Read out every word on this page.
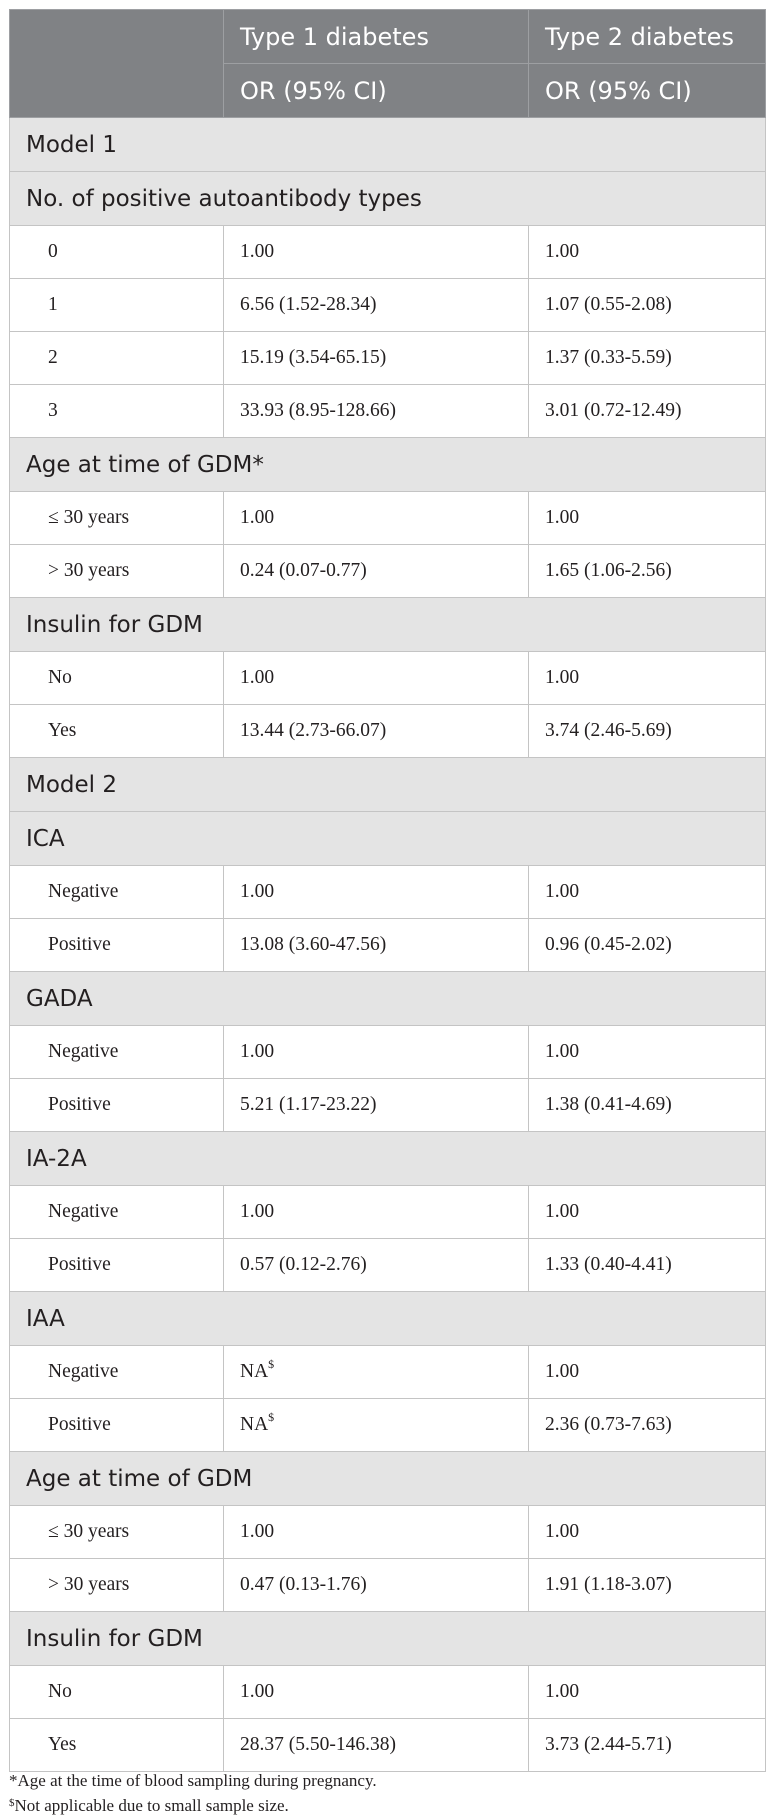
	Type 1 diabetes	Type 2 diabetes
	OR (95% CI)	OR (95% CI)
Model 1		
No. of positive autoantibody types		
0	1.00	1.00
1	6.56 (1.52-28.34)	1.07 (0.55-2.08)
2	15.19 (3.54-65.15)	1.37 (0.33-5.59)
3	33.93 (8.95-128.66)	3.01 (0.72-12.49)
Age at time of GDM*		
≤ 30 years	1.00	1.00
> 30 years	0.24 (0.07-0.77)	1.65 (1.06-2.56)
Insulin for GDM		
No	1.00	1.00
Yes	13.44 (2.73-66.07)	3.74 (2.46-5.69)
Model 2		
ICA		
Negative	1.00	1.00
Positive	13.08 (3.60-47.56)	0.96 (0.45-2.02)
GADA		
Negative	1.00	1.00
Positive	5.21 (1.17-23.22)	1.38 (0.41-4.69)
IA-2A		
Negative	1.00	1.00
Positive	0.57 (0.12-2.76)	1.33 (0.40-4.41)
IAA		
Negative	NA$	1.00
Positive	NA$	2.36 (0.73-7.63)
Age at time of GDM		
≤ 30 years	1.00	1.00
> 30 years	0.47 (0.13-1.76)	1.91 (1.18-3.07)
Insulin for GDM		
No	1.00	1.00
Yes	28.37 (5.50-146.38)	3.73 (2.44-5.71)
*Age at the time of blood sampling during pregnancy.
$Not applicable due to small sample size.
